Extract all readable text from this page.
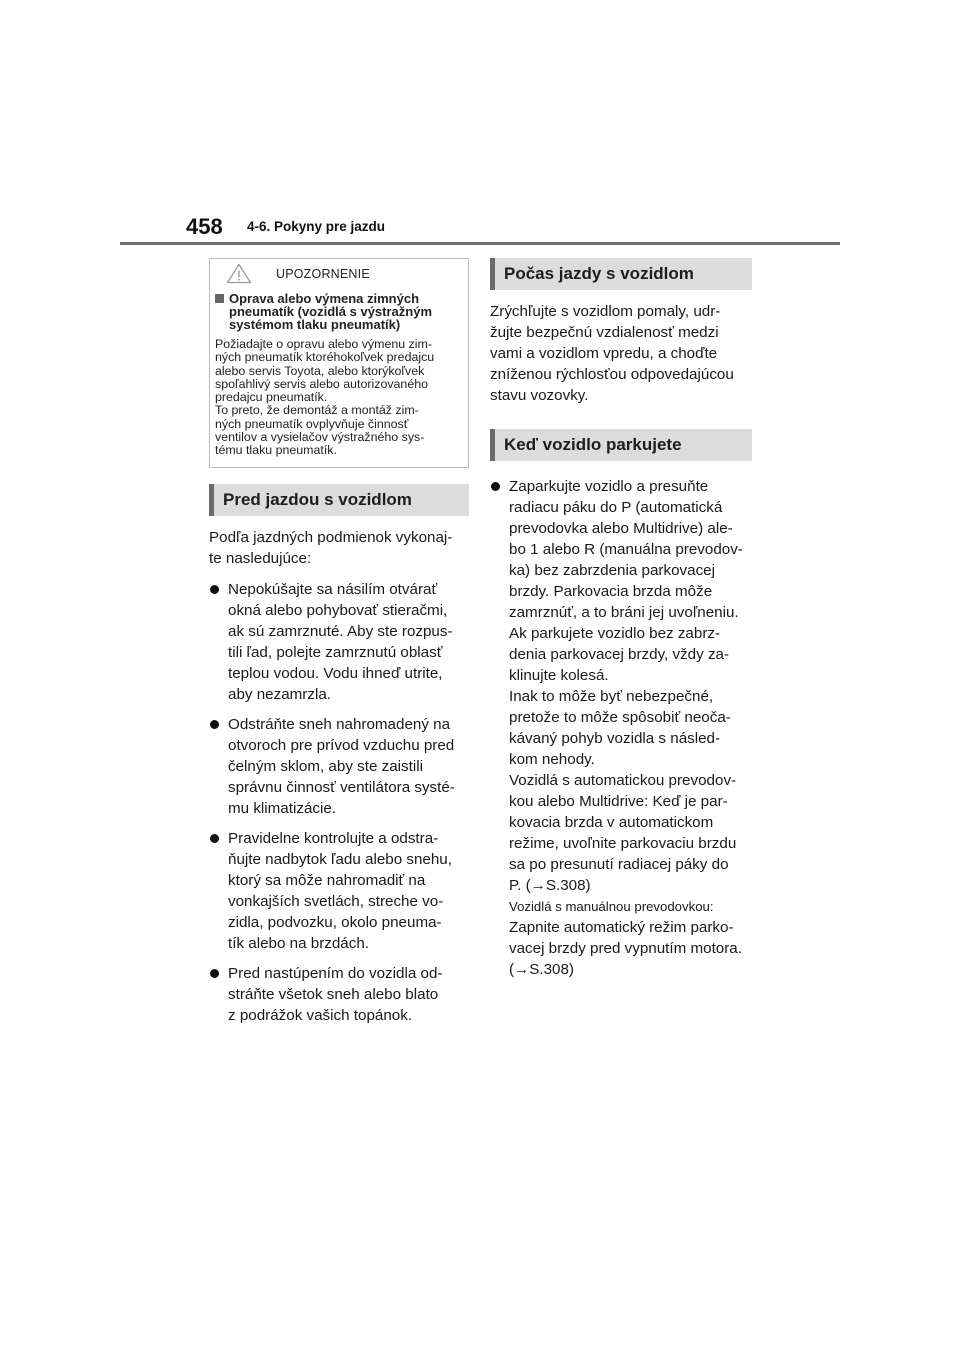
458 4-6. Pokyny pre jazdu
UPOZORNENIE
Oprava alebo výmena zimných
pneumatík (vozidlá s výstražným
systémom tlaku pneumatík)

Požiadajte o opravu alebo výmenu zim-
ných pneumatík ktoréhokoľvek predajcu
alebo servis Toyota, alebo ktorýkoľvek
spoľahlivý servis alebo autorizovaného
predajcu pneumatík.

To preto, že demontáž a montáž zim-
ných pneumatík ovplyvňuje činnosť
ventilov a vysielačov výstražného sys-
tému tlaku pneumatík.

Pred jazdou s vozidlom

Podľa jazdných podmienok vykonaj-
te nasledujúce:

Nepokúšajte sa násilím otvárať
okná alebo pohybovať stieračmi,
ak sú zamrznuté. Aby ste rozpus-
tili ľad, polejte zamrznutú oblasť
teplou vodou. Vodu ihneď utrite,
aby nezamrzla.
Odstráňte sneh nahromadený na
otvoroch pre prívod vzduchu pred
čelným sklom, aby ste zaistili
správnu činnosť ventilátora systé-
mu klimatizácie.
Pravidelne kontrolujte a odstra-
ňujte nadbytok ľadu alebo snehu,
ktorý sa môže nahromadiť na
vonkajších svetlách, streche vo-
zidla, podvozku, okolo pneuma-
tík alebo na brzdách.
Pred nastúpením do vozidla od-
stráňte všetok sneh alebo blato
z podrážok vašich topánok.
Počas jazdy s vozidlom

Zrýchľujte s vozidlom pomaly, udr-
žujte bezpečnú vzdialenosť medzi
vami a vozidlom vpredu, a choďte
zníženou rýchlosťou odpovedajúcou
stavu vozovky.

Keď vozidlo parkujete
Zaparkujte vozidlo a presuňte
radiacu páku do P (automatická
prevodovka alebo Multidrive) ale-
bo 1 alebo R (manuálna prevodov-
ka) bez zabrzdenia parkovacej
brzdy. Parkovacia brzda môže
zamrznúť, a to bráni jej uvoľneniu.
Ak parkujete vozidlo bez zabrz-
denia parkovacej brzdy, vždy za-
klinujte kolesá.
Inak to môže byť nebezpečné,
pretože to môže spôsobiť neoča-
kávaný pohyb vozidla s násled-
kom nehody.
Vozidlá s automatickou prevodov-
kou alebo Multidrive: Keď je par-
kovacia brzda v automatickom
režime, uvoľnite parkovaciu brzdu
sa po presunutí radiacej páky do
P. (→S.308)
Vozidlá s manuálnou prevodovkou:
Zapnite automatický režim parko-
vacej brzdy pred vypnutím motora.
(→S.308)
